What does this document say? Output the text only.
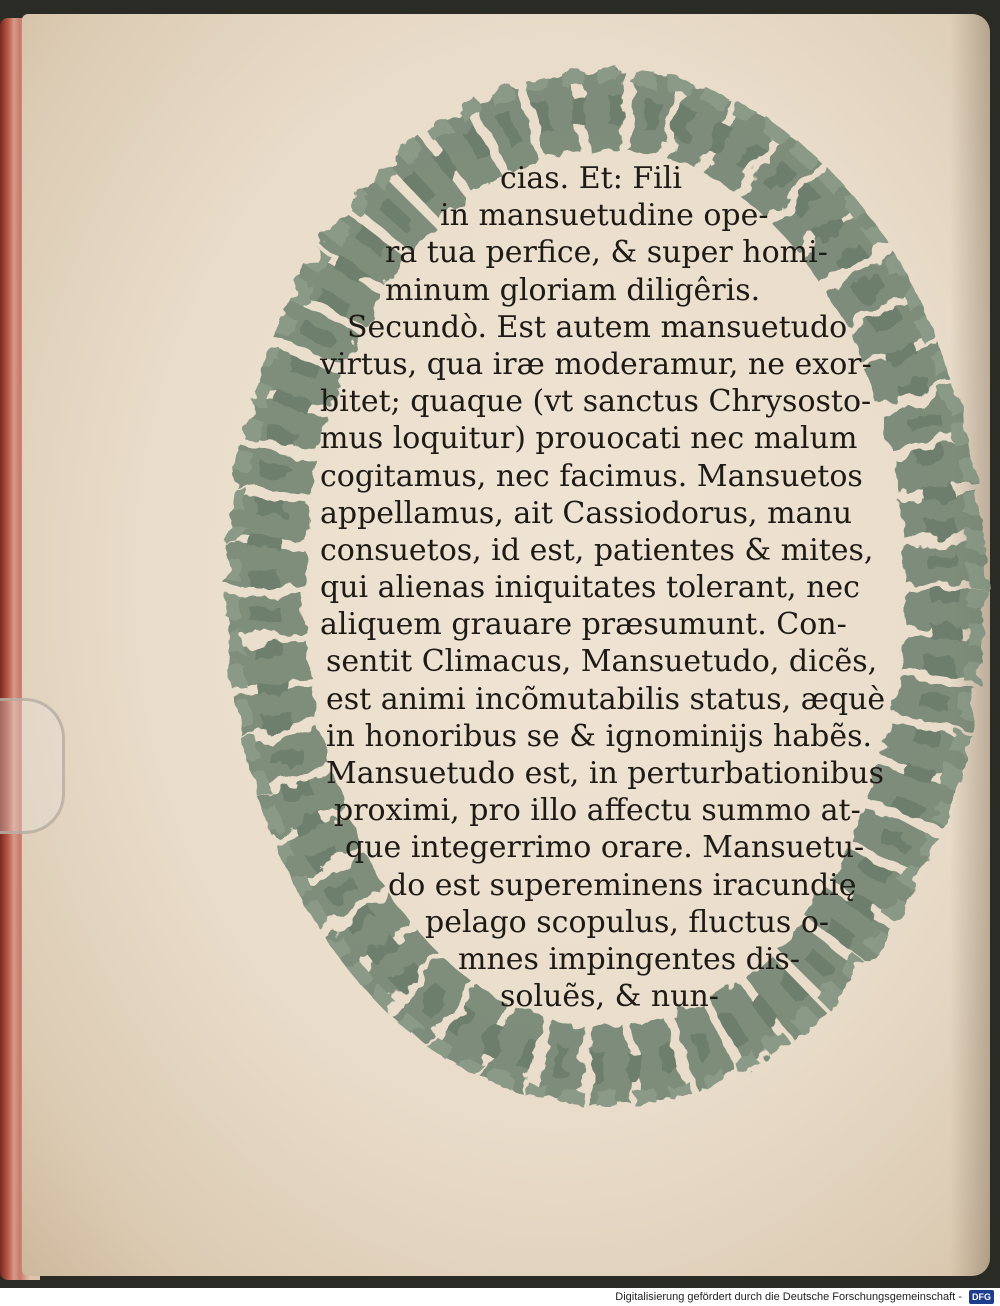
cias. Et: Fili
in mansuetudine ope-
ra tua perfice, & super homi-
minum gloriam diligêris.
Secundò. Est autem mansuetudo
virtus, qua iræ moderamur, ne exor-
bitet; quaque (vt sanctus Chrysosto-
mus loquitur) prouocati nec malum
cogitamus, nec facimus. Mansuetos
appellamus, ait Cassiodorus, manu
consuetos, id est, patientes & mites,
qui alienas iniquitates tolerant, nec
aliquem grauare præsumunt. Con-
sentit Climacus, Mansuetudo, dicẽs,
est animi incõmutabilis status, æquè
in honoribus se & ignominijs habẽs.
Mansuetudo est, in perturbationibus
proximi, pro illo affectu summo at-
que integerrimo orare. Mansuetu-
do est supereminens iracundię
pelago scopulus, fluctus o-
mnes impingentes dis-
soluẽs, & nun-
Digitalisierung gefördert durch die Deutsche Forschungsgemeinschaft - DFG
